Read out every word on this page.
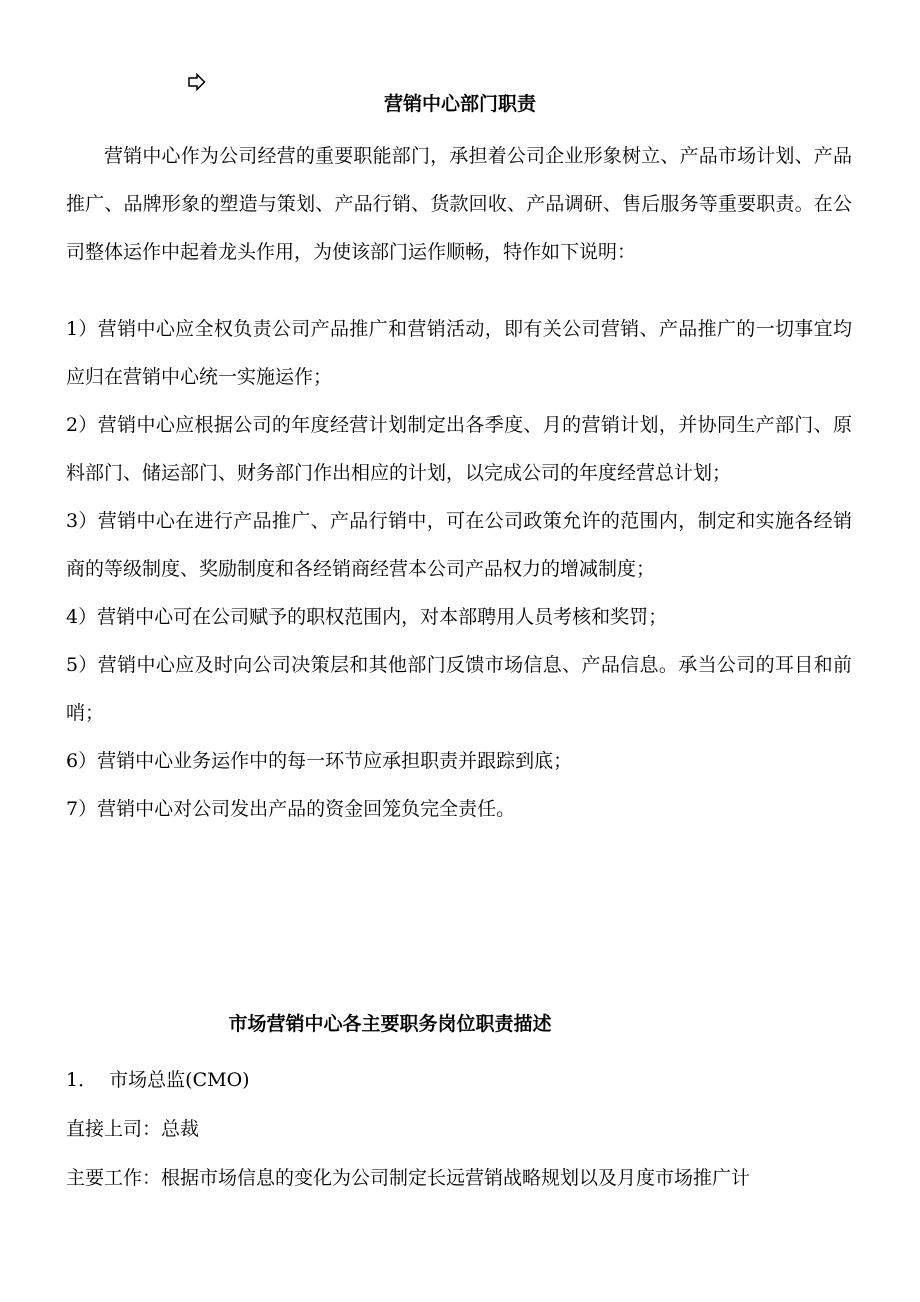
营销中心部门职责

营销中心作为公司经营的重要职能部门，承担着公司企业形象树立、产品市场计划、产品推广、品牌形象的塑造与策划、产品行销、货款回收、产品调研、售后服务等重要职责。在公司整体运作中起着龙头作用，为使该部门运作顺畅，特作如下说明：

1）营销中心应全权负责公司产品推广和营销活动，即有关公司营销、产品推广的一切事宜均应归在营销中心统一实施运作；

2）营销中心应根据公司的年度经营计划制定出各季度、月的营销计划，并协同生产部门、原料部门、储运部门、财务部门作出相应的计划，以完成公司的年度经营总计划；

3）营销中心在进行产品推广、产品行销中，可在公司政策允许的范围内，制定和实施各经销商的等级制度、奖励制度和各经销商经营本公司产品权力的增减制度；

4）营销中心可在公司赋予的职权范围内，对本部聘用人员考核和奖罚；

5）营销中心应及时向公司决策层和其他部门反馈市场信息、产品信息。承当公司的耳目和前哨；

6）营销中心业务运作中的每一环节应承担职责并跟踪到底；

7）营销中心对公司发出产品的资金回笼负完全责任。

市场营销中心各主要职务岗位职责描述

1．  市场总监(CMO)

直接上司：总裁

主要工作：根据市场信息的变化为公司制定长远营销战略规划以及月度市场推广计
